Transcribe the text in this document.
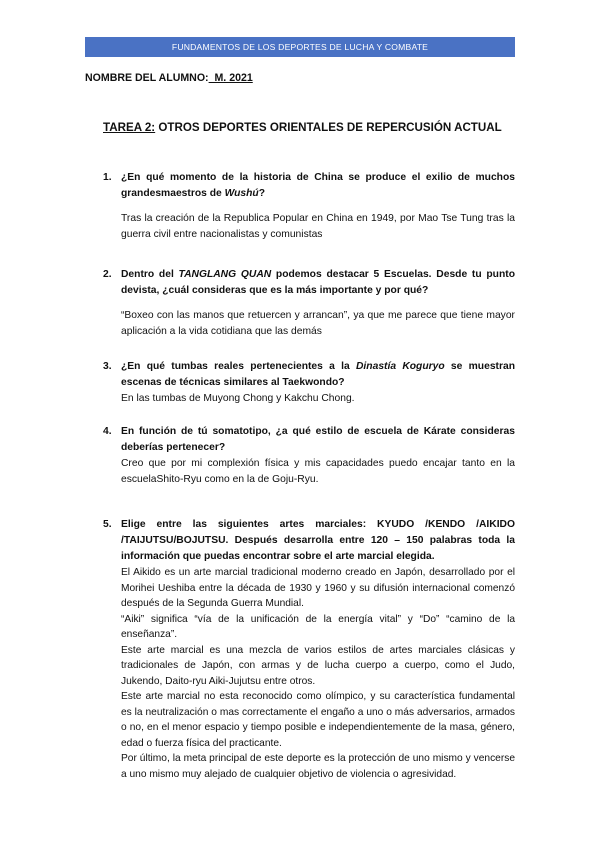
FUNDAMENTOS DE LOS DEPORTES DE LUCHA Y COMBATE
NOMBRE DEL ALUMNO:  M. 2021
TAREA 2: OTROS DEPORTES ORIENTALES DE REPERCUSIÓN ACTUAL
1. ¿En qué momento de la historia de China se produce el exilio de muchos grandesmaestros de Wushú?
Tras la creación de la Republica Popular en China en 1949, por Mao Tse Tung tras la guerra civil entre nacionalistas y comunistas
2. Dentro del TANGLANG QUAN podemos destacar 5 Escuelas. Desde tu punto devista, ¿cuál consideras que es la más importante y por qué?
“Boxeo con las manos que retuercen y arrancan”, ya que me parece que tiene mayor aplicación a la vida cotidiana que las demás
3. ¿En qué tumbas reales pertenecientes a la Dinastía Koguryo se muestran escenas de técnicas similares al Taekwondo?
En las tumbas de Muyong Chong y Kakchu Chong.
4. En función de tú somatotipo, ¿a qué estilo de escuela de Kárate consideras deberías pertenecer?
Creo que por mi complexión física y mis capacidades puedo encajar tanto en la escuelaShito-Ryu como en la de Goju-Ryu.
5. Elige entre las siguientes artes marciales: KYUDO /KENDO /AIKIDO /TAIJUTSU/BOJUTSU. Después desarrolla entre 120 – 150 palabras toda la información que puedas encontrar sobre el arte marcial elegida.
El Aikido es un arte marcial tradicional moderno creado en Japón, desarrollado por el Morihei Ueshiba entre la década de 1930 y 1960 y su difusión internacional comenzó después de la Segunda Guerra Mundial.
“Aiki” significa “vía de la unificación de la energía vital” y “Do” “camino de la enseñanza”.
Este arte marcial es una mezcla de varios estilos de artes marciales clásicas y tradicionales de Japón, con armas y de lucha cuerpo a cuerpo, como el Judo, Jukendo, Daito-ryu Aiki-Jujutsu entre otros.
Este arte marcial no esta reconocido como olímpico, y su característica fundamental es la neutralización o mas correctamente el engaño a uno o más adversarios, armados o no, en el menor espacio y tiempo posible e independientemente de la masa, género, edad o fuerza física del practicante.
Por último, la meta principal de este deporte es la protección de uno mismo y vencerse a uno mismo muy alejado de cualquier objetivo de violencia o agresividad.
